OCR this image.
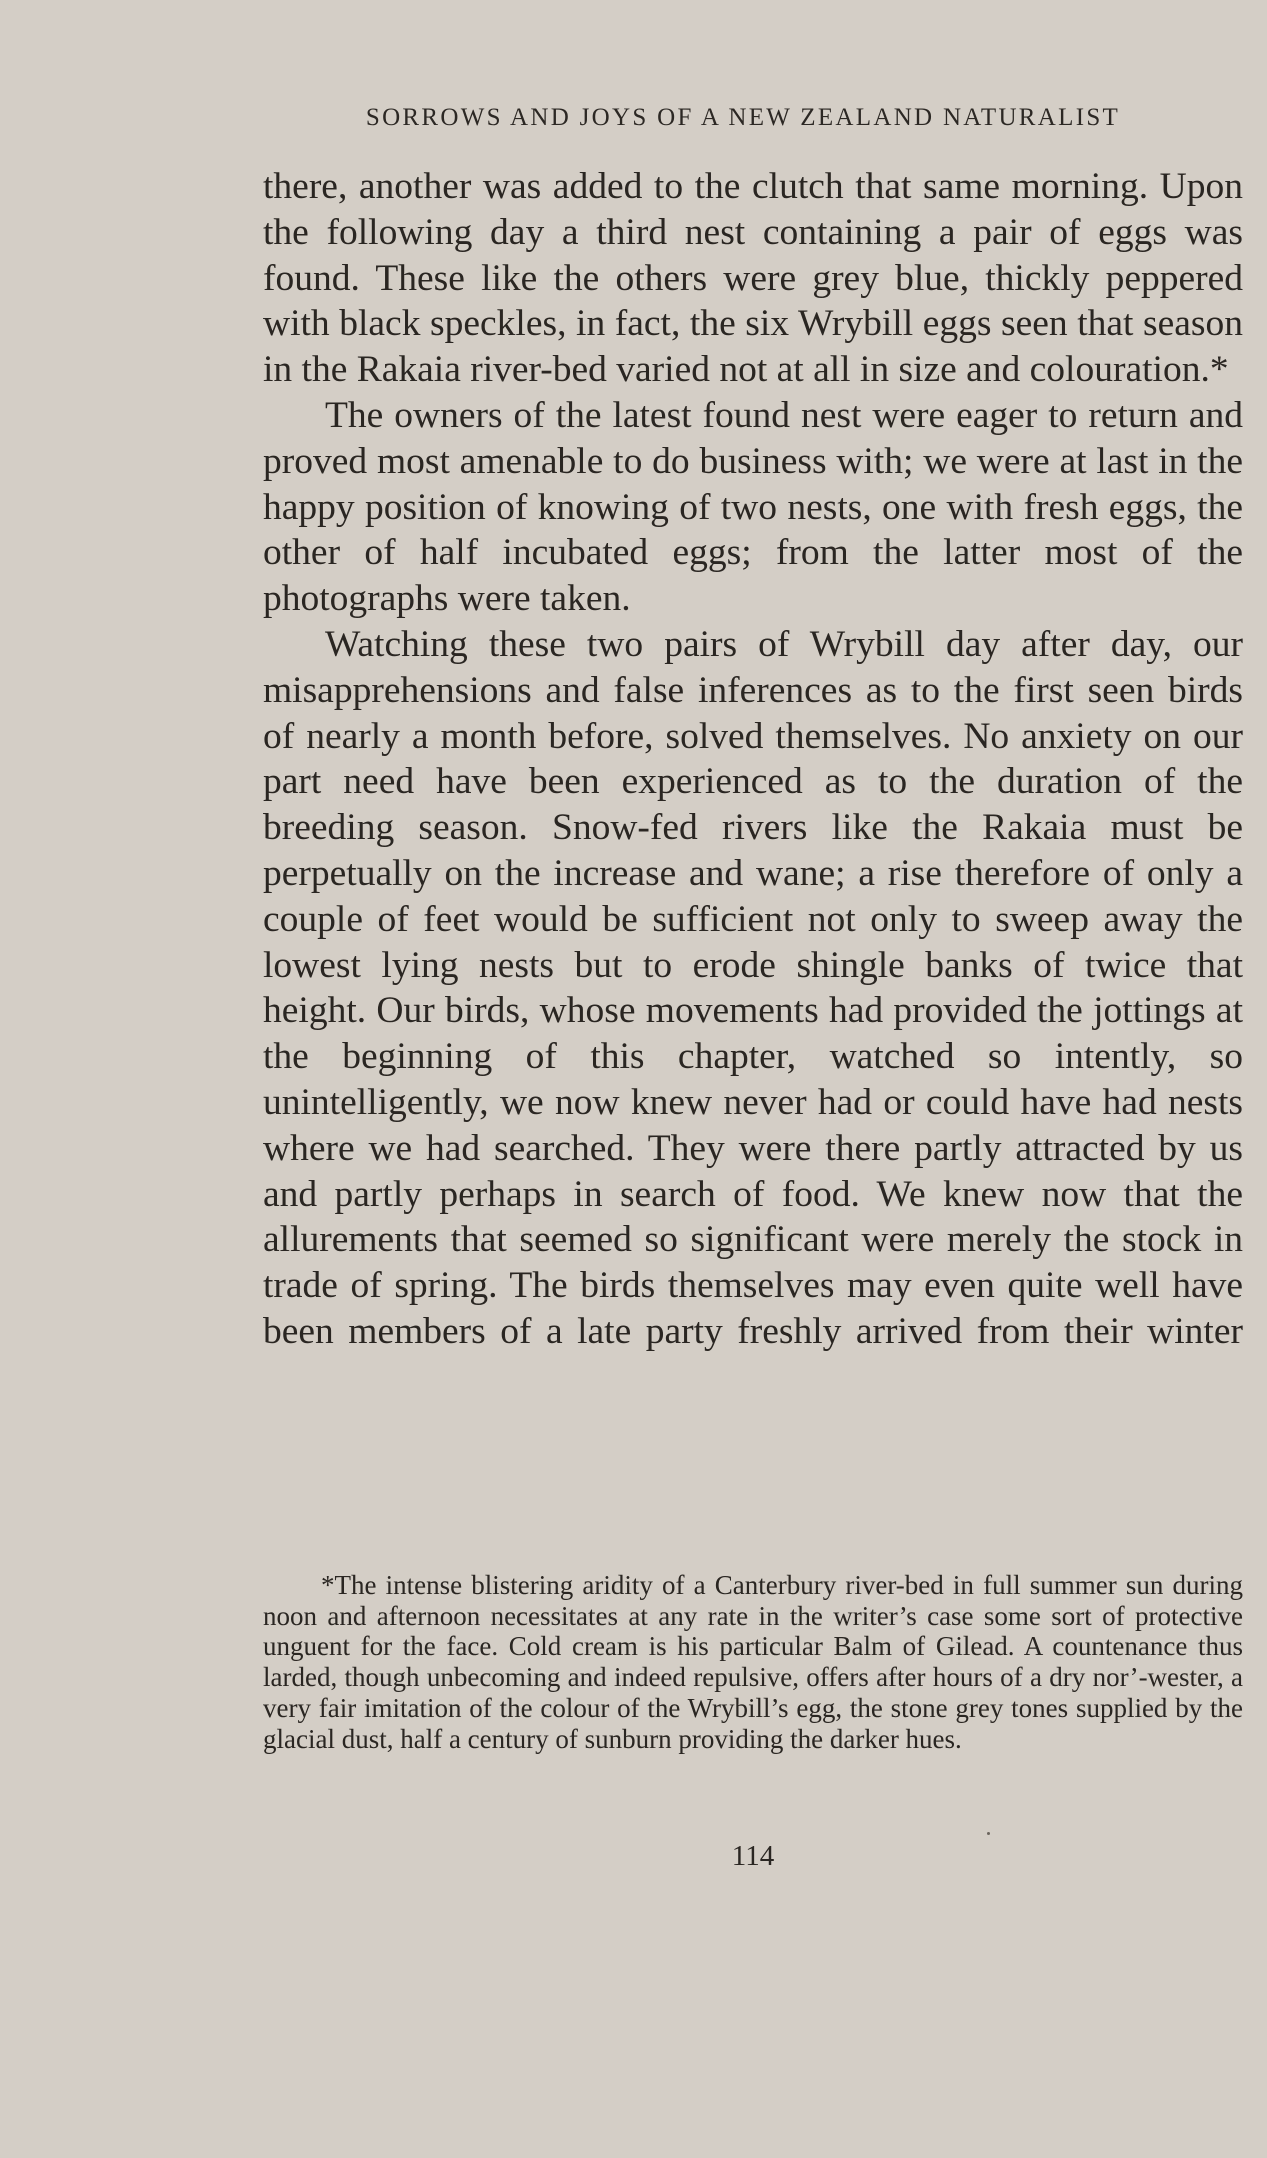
SORROWS AND JOYS OF A NEW ZEALAND NATURALIST

there, another was added to the clutch that same morning. Upon the following day a third nest containing a pair of eggs was found. These like the others were grey blue, thickly peppered with black speckles, in fact, the six Wrybill eggs seen that season in the Rakaia river-bed varied not at all in size and colouration.*

The owners of the latest found nest were eager to return and proved most amenable to do business with; we were at last in the happy position of knowing of two nests, one with fresh eggs, the other of half incubated eggs; from the latter most of the photographs were taken.

Watching these two pairs of Wrybill day after day, our misapprehensions and false inferences as to the first seen birds of nearly a month before, solved themselves. No anxiety on our part need have been experienced as to the duration of the breeding season. Snow-fed rivers like the Rakaia must be perpetually on the increase and wane; a rise therefore of only a couple of feet would be sufficient not only to sweep away the lowest lying nests but to erode shingle banks of twice that height. Our birds, whose movements had provided the jottings at the beginning of this chapter, watched so intently, so unintelligently, we now knew never had or could have had nests where we had searched. They were there partly attracted by us and partly perhaps in search of food. We knew now that the allurements that seemed so significant were merely the stock in trade of spring. The birds themselves may even quite well have been members of a late party freshly arrived from their winter

*The intense blistering aridity of a Canterbury river-bed in full summer sun during noon and afternoon necessitates at any rate in the writer’s case some sort of protective unguent for the face. Cold cream is his particular Balm of Gilead. A countenance thus larded, though unbecoming and indeed repulsive, offers after hours of a dry nor’-wester, a very fair imitation of the colour of the Wrybill’s egg, the stone grey tones supplied by the glacial dust, half a century of sunburn providing the darker hues.

114
